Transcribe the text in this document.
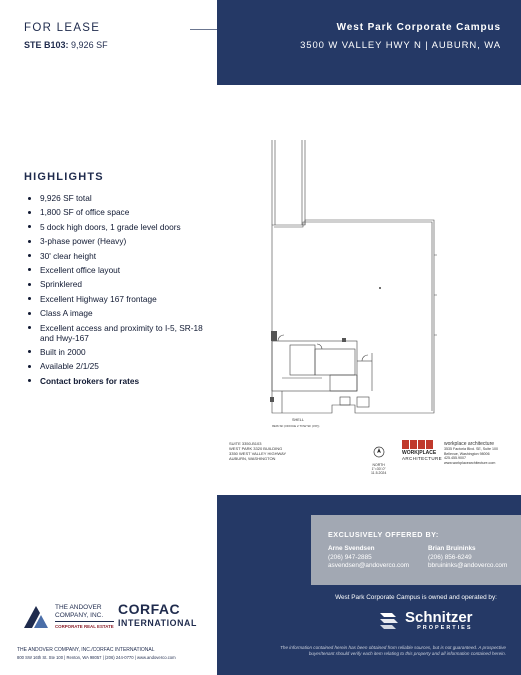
FOR LEASE
STE B103: 9,926 SF
West Park Corporate Campus
3500 W VALLEY HWY N | AUBURN, WA
HIGHLIGHTS
9,926 SF total
1,800 SF of office space
5 dock high doors, 1 grade level doors
3-phase power (Heavy)
30' clear height
Excellent office layout
Sprinklered
Excellent Highway 167 frontage
Class A image
Excellent access and proximity to I-5, SR-18 and Hwy-167
Built in 2000
Available 2/1/25
Contact brokers for rates
SHELL
9926 SF (OFFICE 2 TOW SF (4'#'))
SUITE 3350-B103
WEST PARK 3320 BUILDING
3350 WEST VALLEY HIGHWAY
AUBURN, WASHINGTON
NORTH
1"=30'-0"
11.5.2024
WORK|PLACE
ARCHITECTURE
workplace architecture
3535 Factoria Blvd. SE, Suite 100
Bellevue, Washington 98006
425.455.9007
www.workplacearchitecture.com
EXCLUSIVELY OFFERED BY:
Arne Svendsen
(206) 947-2885
asvendsen@andoverco.com
Brian Bruininks
(206) 856-6249
bbruininks@andoverco.com
West Park Corporate Campus is owned and operated by:
Schnitzer
PROPERTIES
The information contained herein has been obtained from reliable sources, but is not guaranteed. A prospective
buyer/tenant should verify each item relating to this property and all information contained herein.
THE ANDOVER
COMPANY, INC.
CORPORATE REAL ESTATE
CORFAC
INTERNATIONAL
THE ANDOVER COMPANY, INC./CORFAC INTERNATIONAL
800 SW 16th St. Ste 100 | Renton, WA 98057 | (206) 244-0770 | www.andoverco.com
